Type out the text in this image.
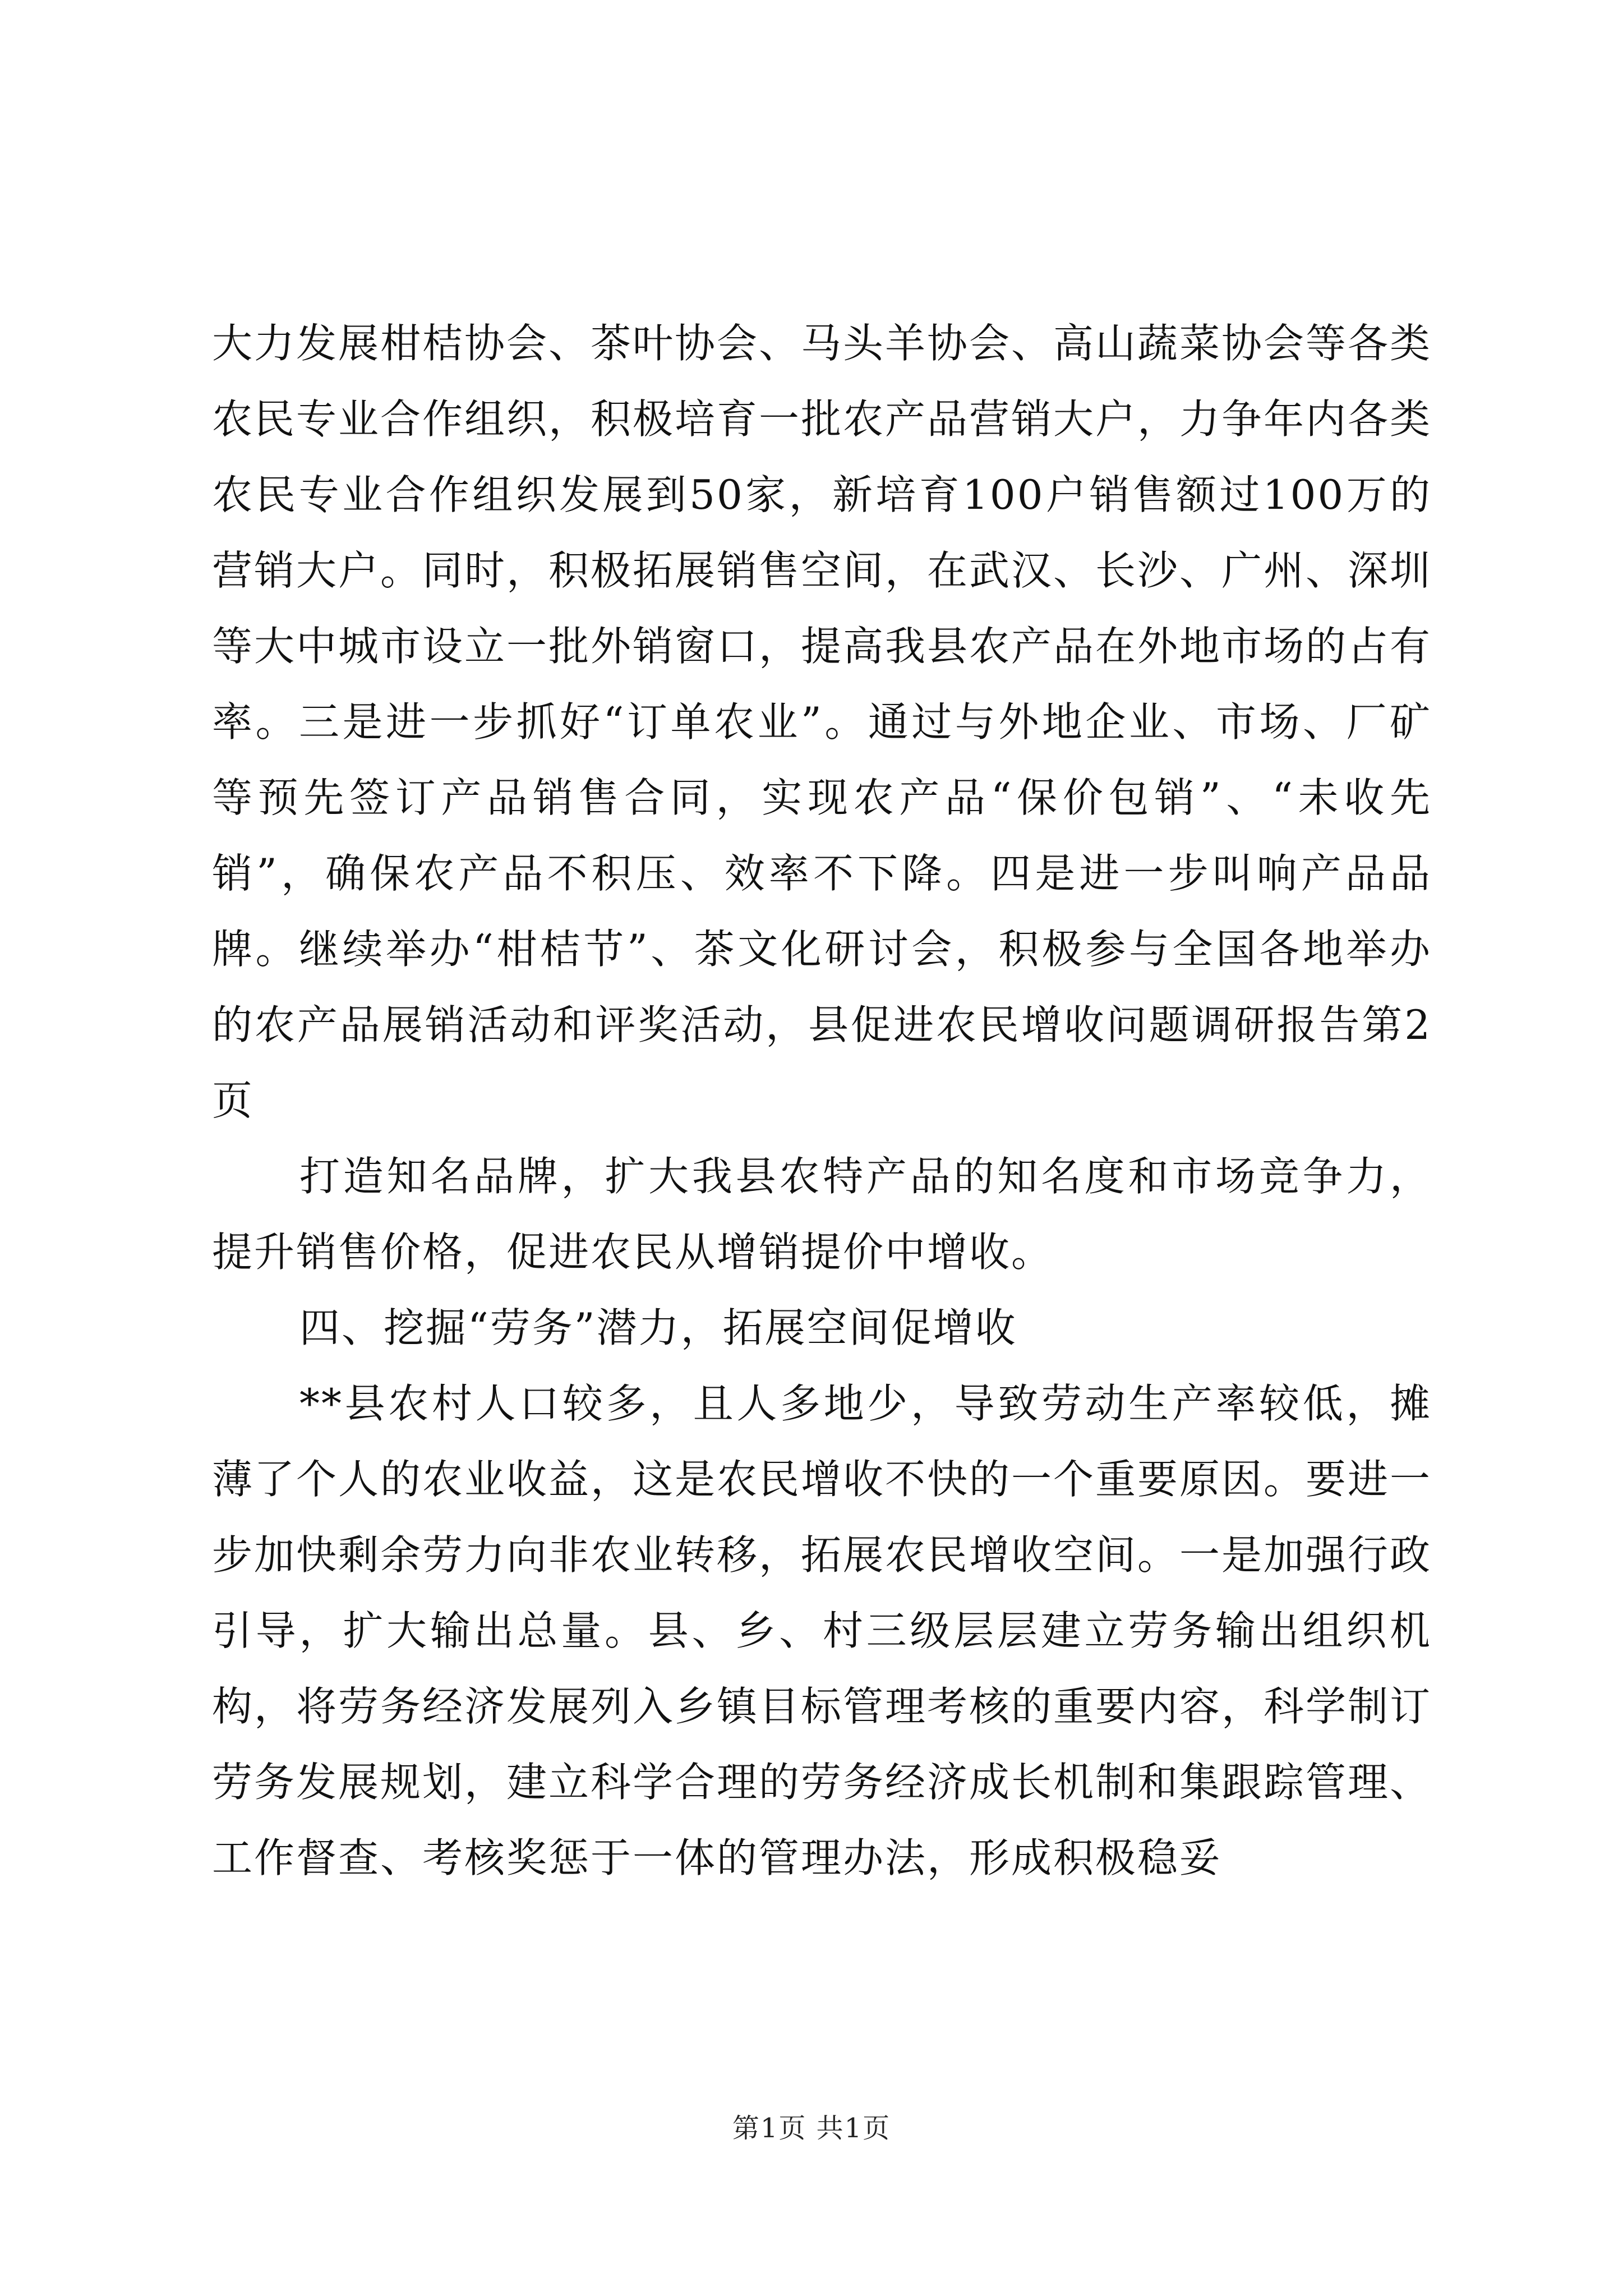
大力发展柑桔协会、茶叶协会、马头羊协会、高山蔬菜协会等各类农民专业合作组织，积极培育一批农产品营销大户，力争年内各类农民专业合作组织发展到50家，新培育100户销售额过100万的营销大户。同时，积极拓展销售空间，在武汉、长沙、广州、深圳等大中城市设立一批外销窗口，提高我县农产品在外地市场的占有率。三是进一步抓好“订单农业”。通过与外地企业、市场、厂矿等预先签订产品销售合同，实现农产品“保价包销”、“未收先销”，确保农产品不积压、效率不下降。四是进一步叫响产品品牌。继续举办“柑桔节”、茶文化研讨会，积极参与全国各地举办的农产品展销活动和评奖活动，县促进农民增收问题调研报告第2页

打造知名品牌，扩大我县农特产品的知名度和市场竞争力，提升销售价格，促进农民从增销提价中增收。

四、挖掘“劳务”潜力，拓展空间促增收

**县农村人口较多，且人多地少，导致劳动生产率较低，摊薄了个人的农业收益，这是农民增收不快的一个重要原因。要进一步加快剩余劳力向非农业转移，拓展农民增收空间。一是加强行政引导，扩大输出总量。县、乡、村三级层层建立劳务输出组织机构，将劳务经济发展列入乡镇目标管理考核的重要内容，科学制订劳务发展规划，建立科学合理的劳务经济成长机制和集跟踪管理、工作督查、考核奖惩于一体的管理办法，形成积极稳妥

第1页 共1页
